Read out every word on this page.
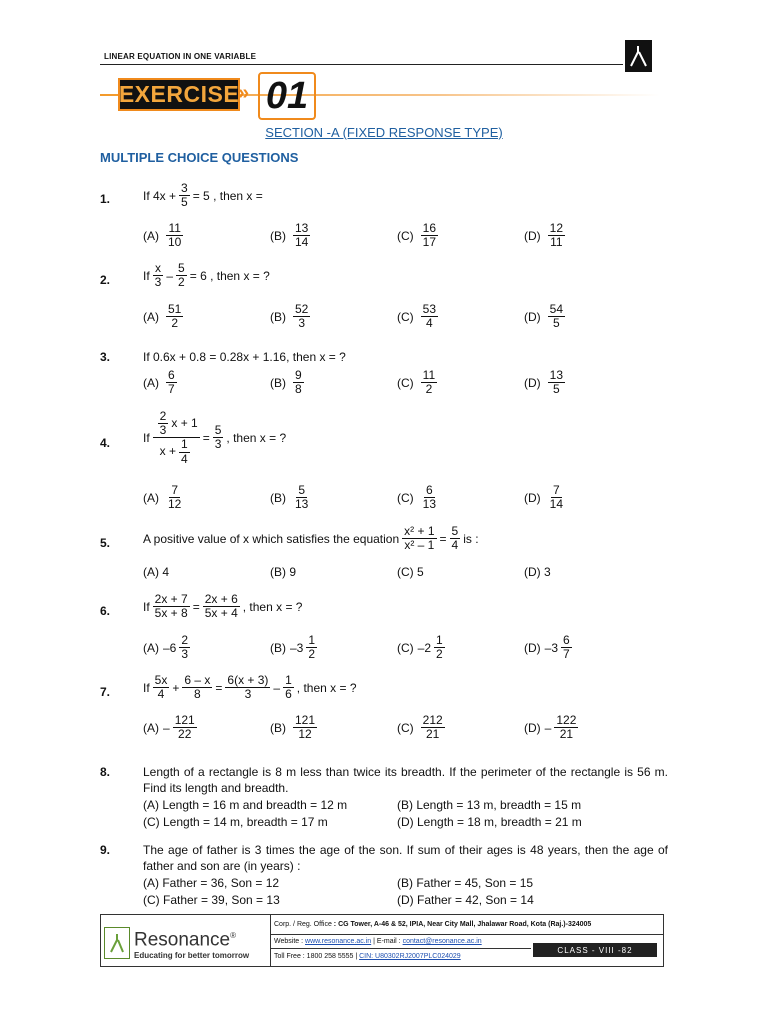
LINEAR EQUATION IN ONE VARIABLE
EXERCISE
» 01
SECTION -A (FIXED RESPONSE TYPE)
MULTIPLE CHOICE QUESTIONS
1.	If $4x + \frac{3}{5} = 5$ , then x =
$(A) \frac{11}{10}$	$(B) \frac{13}{14}$	$(C) \frac{16}{17}$	$(D) \frac{12}{11}$
2.	If $\frac{x}{3} - \frac{5}{2} = 6$ , then x = ?
$(A) \frac{51}{2}$	$(B) \frac{52}{3}$	$(C) \frac{53}{4}$	$(D) \frac{54}{5}$
3.	If 0.6x + 0.8 = 0.28x + 1.16, then x = ?
$(A) \frac{6}{7}$	$(B) \frac{9}{8}$	$(C) \frac{11}{2}$	$(D) \frac{13}{5}$
4.	If $\frac{\frac{2}{3} x + 1}{x + \frac{1}{4}} = \frac{5}{3}$ , then x = ?
$(A) \frac{7}{12}$	$(B) \frac{5}{13}$	$(C) \frac{6}{13}$	$(D) \frac{7}{14}$
5.	A positive value of x which satisfies the equation $\frac{\text{x² + 1}}{\text{x² – 1}} = \frac{5}{4}$ is :
(A) 4	(B) 9	(C) 5	(D) 3
6.	If $\frac{2x + 7}{5x + 8} = \frac{2x + 6}{5x + 4}$ , then x = ?
(A) $-6 \frac{2}{3}$	(B) $-3 \frac{1}{2}$	(C) $-2 \frac{1}{2}$	(D) $-3 \frac{6}{7}$
7.	If $\frac{5x}{4} + \frac{6 - x}{8} = \frac{6(x + 3)}{3} - \frac{1}{6}$ , then x = ?
$(A) - \frac{121}{22}$	$(B) \frac{121}{12}$	$(C) \frac{212}{21}$	$(D) - \frac{122}{21}$
8.	Length of a rectangle is 8 m less than twice its breadth. If the perimeter of the rectangle is 56 m. Find its length and breadth.
(A) Length = 16 m and breadth = 12 m	(B) Length = 13 m, breadth = 15 m
(C) Length = 14 m, breadth = 17 m	(D) Length = 18 m, breadth = 21 m
9.	The age of father is 3 times the age of the son. If sum of their ages is 48 years, then the age of father and son are (in years) :
(A) Father = 36, Son = 12	(B) Father = 45, Son = 15
(C) Father = 39, Son = 13	(D) Father = 42, Son = 14
Resonance®
Educating for better tomorrow
Corp. / Reg. Office : CG Tower, A-46 & 52, IPIA, Near City Mall, Jhalawar Road, Kota (Raj.)-324005
Website : www.resonance.ac.in | E-mail : contact@resonance.ac.in
Toll Free : 1800 258 5555 | CIN: U80302RJ2007PLC024029
CLASS - VIII -82
